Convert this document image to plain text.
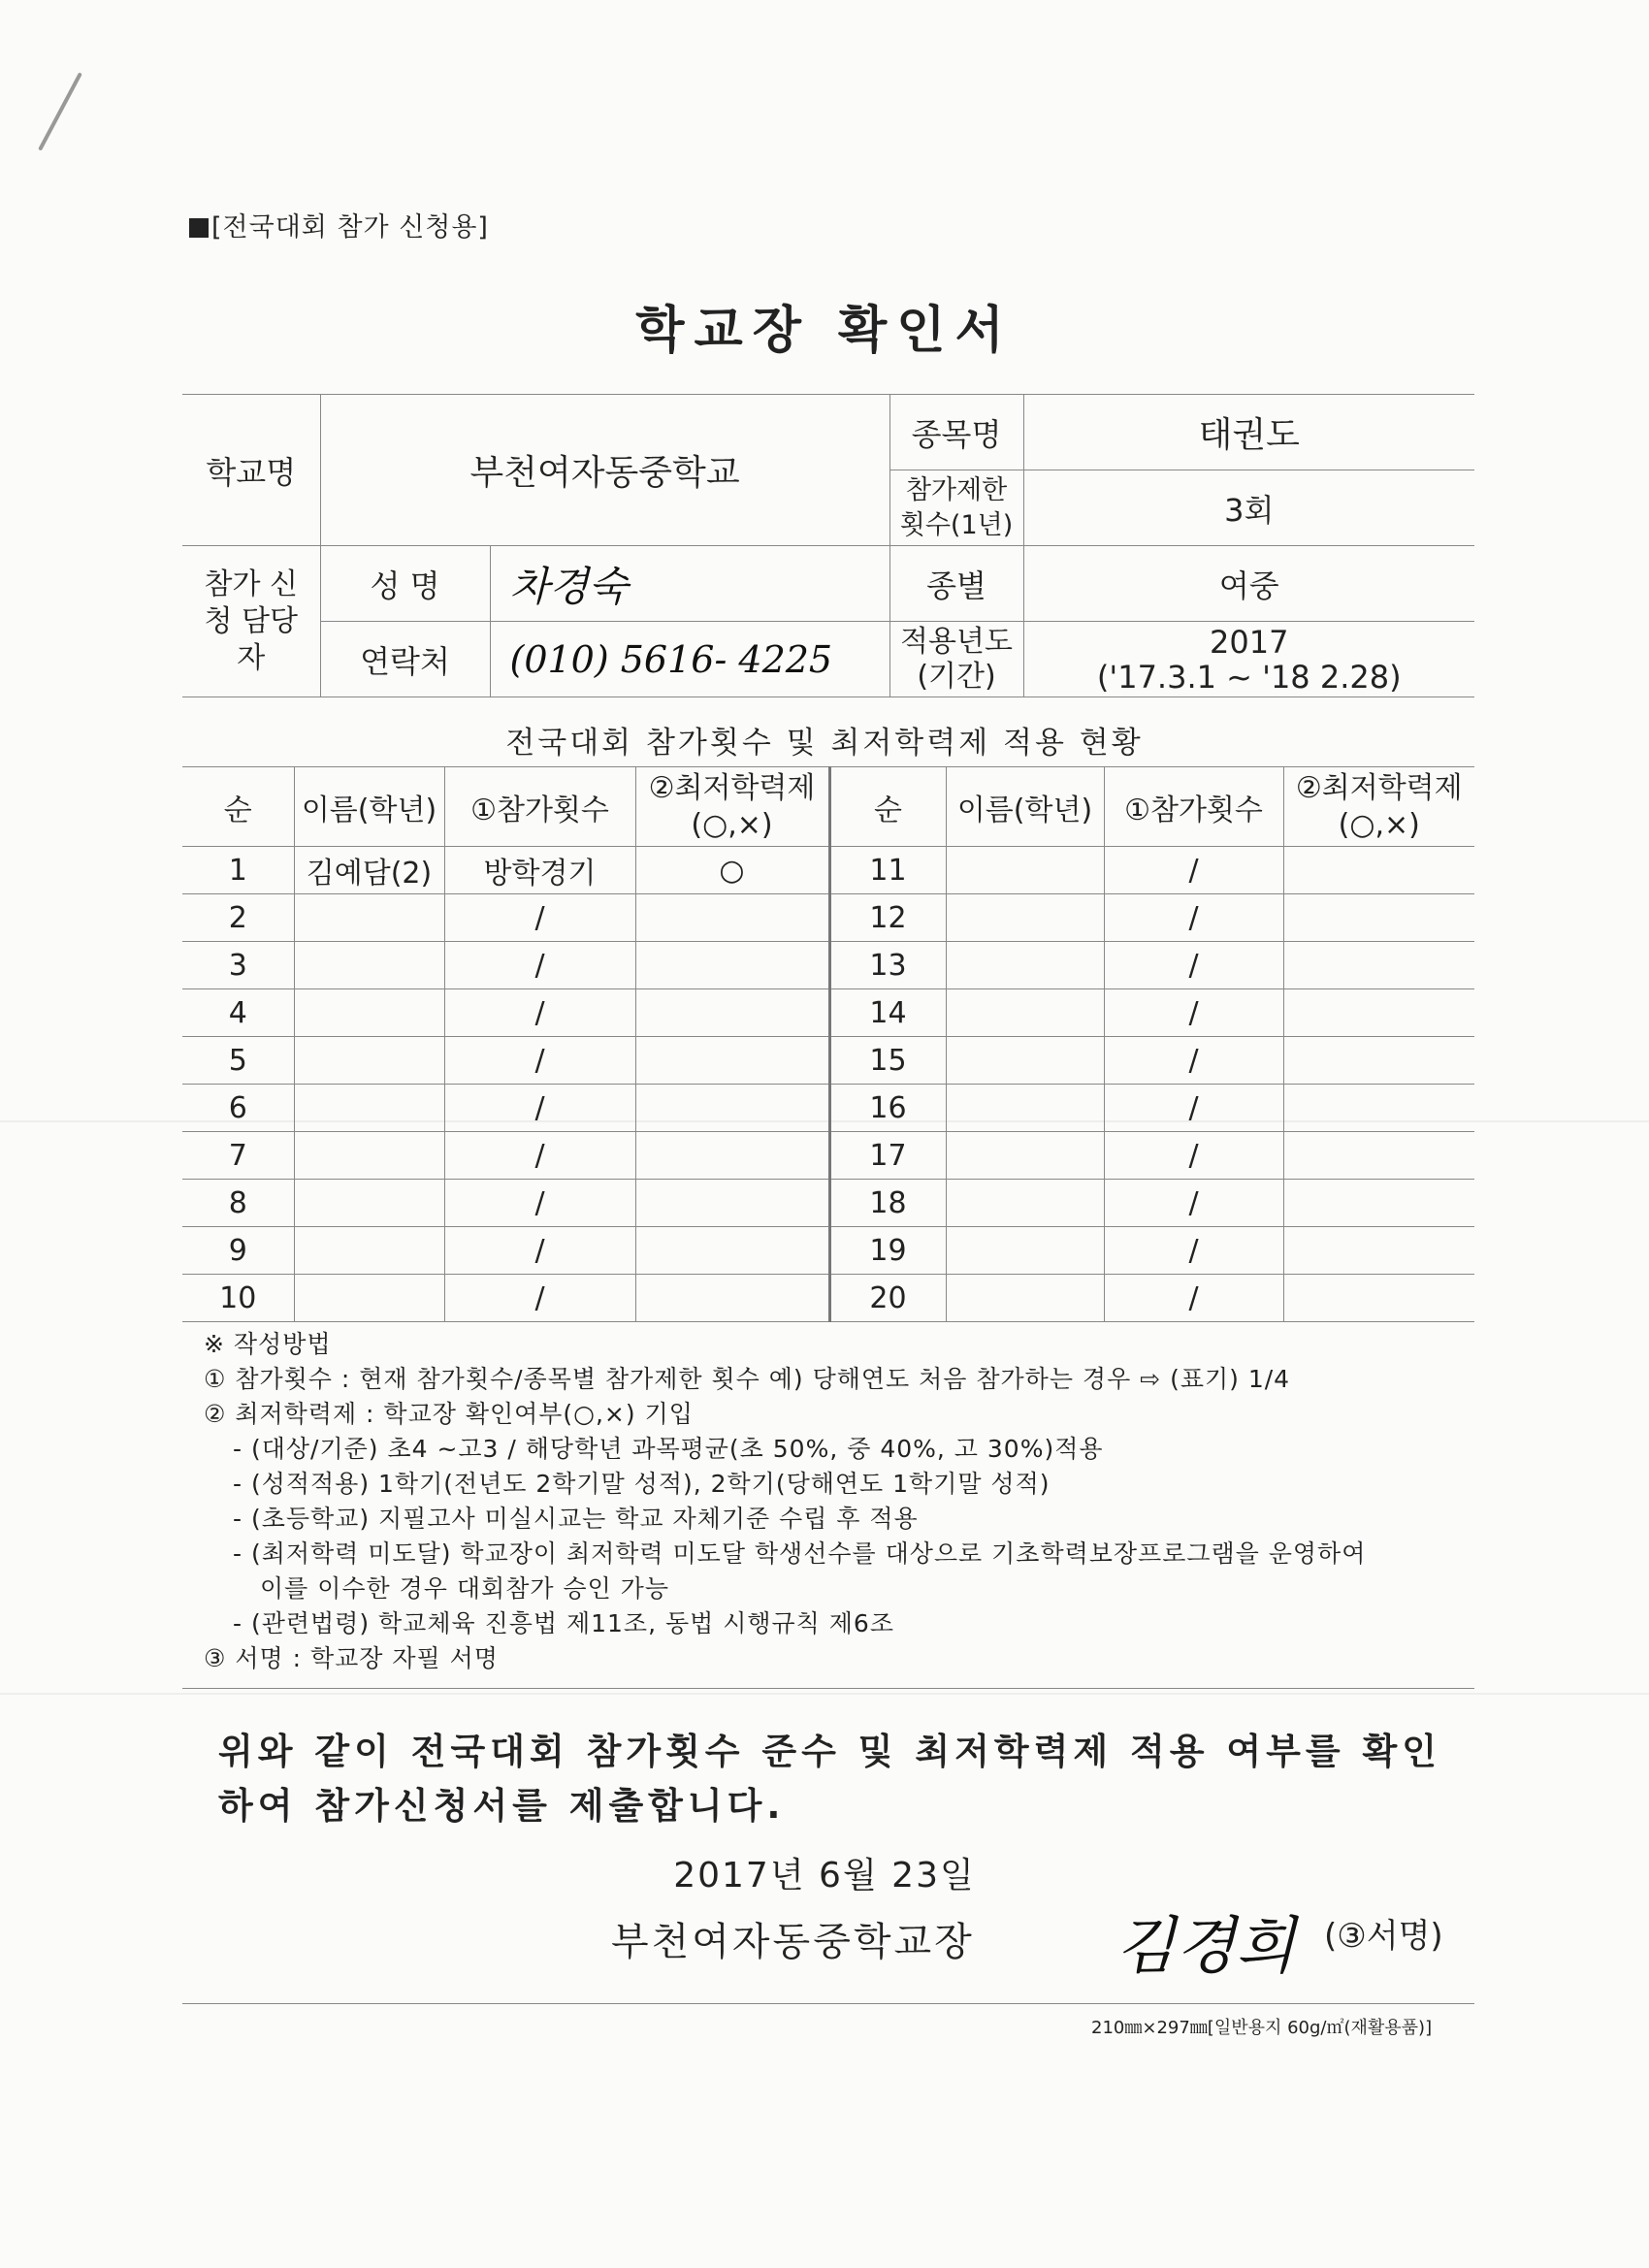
[전국대회 참가 신청용]
학교장 확인서
학교명	부천여자동중학교		종목명	태권도
			참가제한 횟수(1년)	3회
참가 신청 담당자	성 명	차경숙	종별	여중
	연락처	(010) 5616- 4225	적용년도 (기간)	2017
('17.3.1 ~ '18 2.28)
전국대회 참가횟수 및 최저학력제 적용 현황
순	이름(학년)	①참가횟수	②최저학력제 (○,×)	순	이름(학년)	①참가횟수	②최저학력제 (○,×)
1	김예담(2)	방학경기	○	11		/	
2		/		12		/	
3		/		13		/	
4		/		14		/	
5		/		15		/	
6		/		16		/	
7		/		17		/	
8		/		18		/	
9		/		19		/	
10		/		20		/	
※ 작성방법
① 참가횟수 : 현재 참가횟수/종목별 참가제한 횟수 예) 당해연도 처음 참가하는 경우 ⇨ (표기) 1/4
② 최저학력제 : 학교장 확인여부(○,×) 기입
- (대상/기준) 초4 ~고3 / 해당학년 과목평균(초 50%, 중 40%, 고 30%)적용
- (성적적용) 1학기(전년도 2학기말 성적), 2학기(당해연도 1학기말 성적)
- (초등학교) 지필고사 미실시교는 학교 자체기준 수립 후 적용
- (최저학력 미도달) 학교장이 최저학력 미도달 학생선수를 대상으로 기초학력보장프로그램을 운영하여
이를 이수한 경우 대회참가 승인 가능
- (관련법령) 학교체육 진흥법 제11조, 동법 시행규칙 제6조
③ 서명 : 학교장 자필 서명
위와 같이 전국대회 참가횟수 준수 및 최저학력제 적용 여부를 확인
하여 참가신청서를 제출합니다.
2017년 6월 23일
부천여자동중학교장 김경희 (③서명)
210㎜×297㎜[일반용지 60g/㎡(재활용품)]
